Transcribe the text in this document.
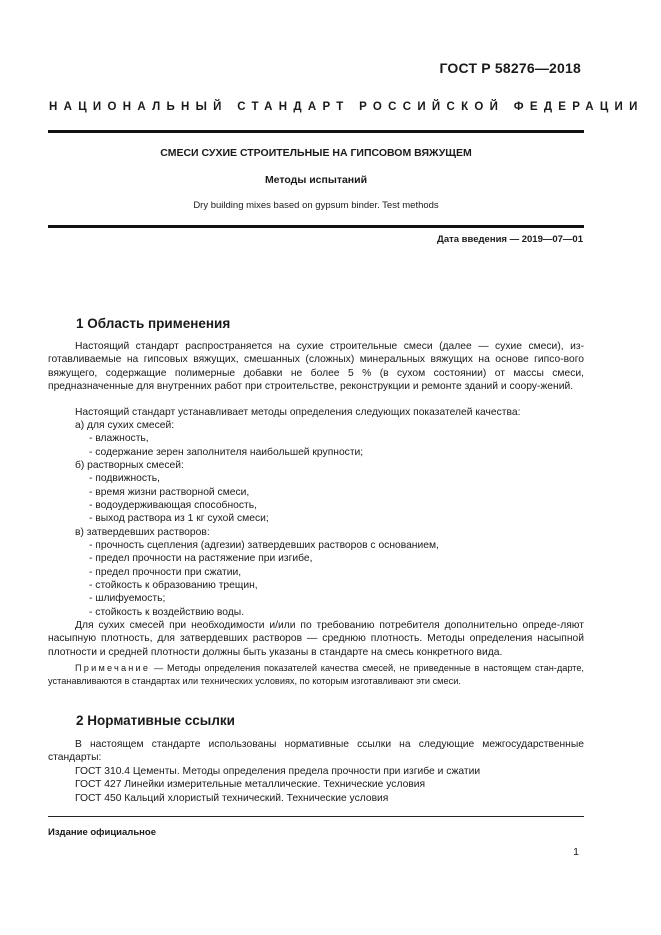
ГОСТ Р 58276—2018
НАЦИОНАЛЬНЫЙ СТАНДАРТ РОССИЙСКОЙ ФЕДЕРАЦИИ
СМЕСИ СУХИЕ СТРОИТЕЛЬНЫЕ НА ГИПСОВОМ ВЯЖУЩЕМ
Методы испытаний
Dry building mixes based on gypsum binder. Test methods
Дата введения — 2019—07—01
1 Область применения
Настоящий стандарт распространяется на сухие строительные смеси (далее — сухие смеси), из-готавливаемые на гипсовых вяжущих, смешанных (сложных) минеральных вяжущих на основе гипсо-вого вяжущего, содержащие полимерные добавки не более 5 % (в сухом состоянии) от массы смеси, предназначенные для внутренних работ при строительстве, реконструкции и ремонте зданий и соору-жений.
Настоящий стандарт устанавливает методы определения следующих показателей качества:
а) для сухих смесей:
- влажность,
- содержание зерен заполнителя наибольшей крупности;
б) растворных смесей:
- подвижность,
- время жизни растворной смеси,
- водоудерживающая способность,
- выход раствора из 1 кг сухой смеси;
в) затвердевших растворов:
- прочность сцепления (адгезии) затвердевших растворов с основанием,
- предел прочности на растяжение при изгибе,
- предел прочности при сжатии,
- стойкость к образованию трещин,
- шлифуемость;
- стойкость к воздействию воды.
Для сухих смесей при необходимости и/или по требованию потребителя дополнительно опреде-ляют насыпную плотность, для затвердевших растворов — среднюю плотность. Методы определения насыпной плотности и средней плотности должны быть указаны в стандарте на смесь конкретного вида.
Примечание — Методы определения показателей качества смесей, не приведенные в настоящем стан-дарте, устанавливаются в стандартах или технических условиях, по которым изготавливают эти смеси.
2 Нормативные ссылки
В настоящем стандарте использованы нормативные ссылки на следующие межгосударственные стандарты:
ГОСТ 310.4 Цементы. Методы определения предела прочности при изгибе и сжатии
ГОСТ 427 Линейки измерительные металлические. Технические условия
ГОСТ 450 Кальций хлористый технический. Технические условия
Издание официальное
1
